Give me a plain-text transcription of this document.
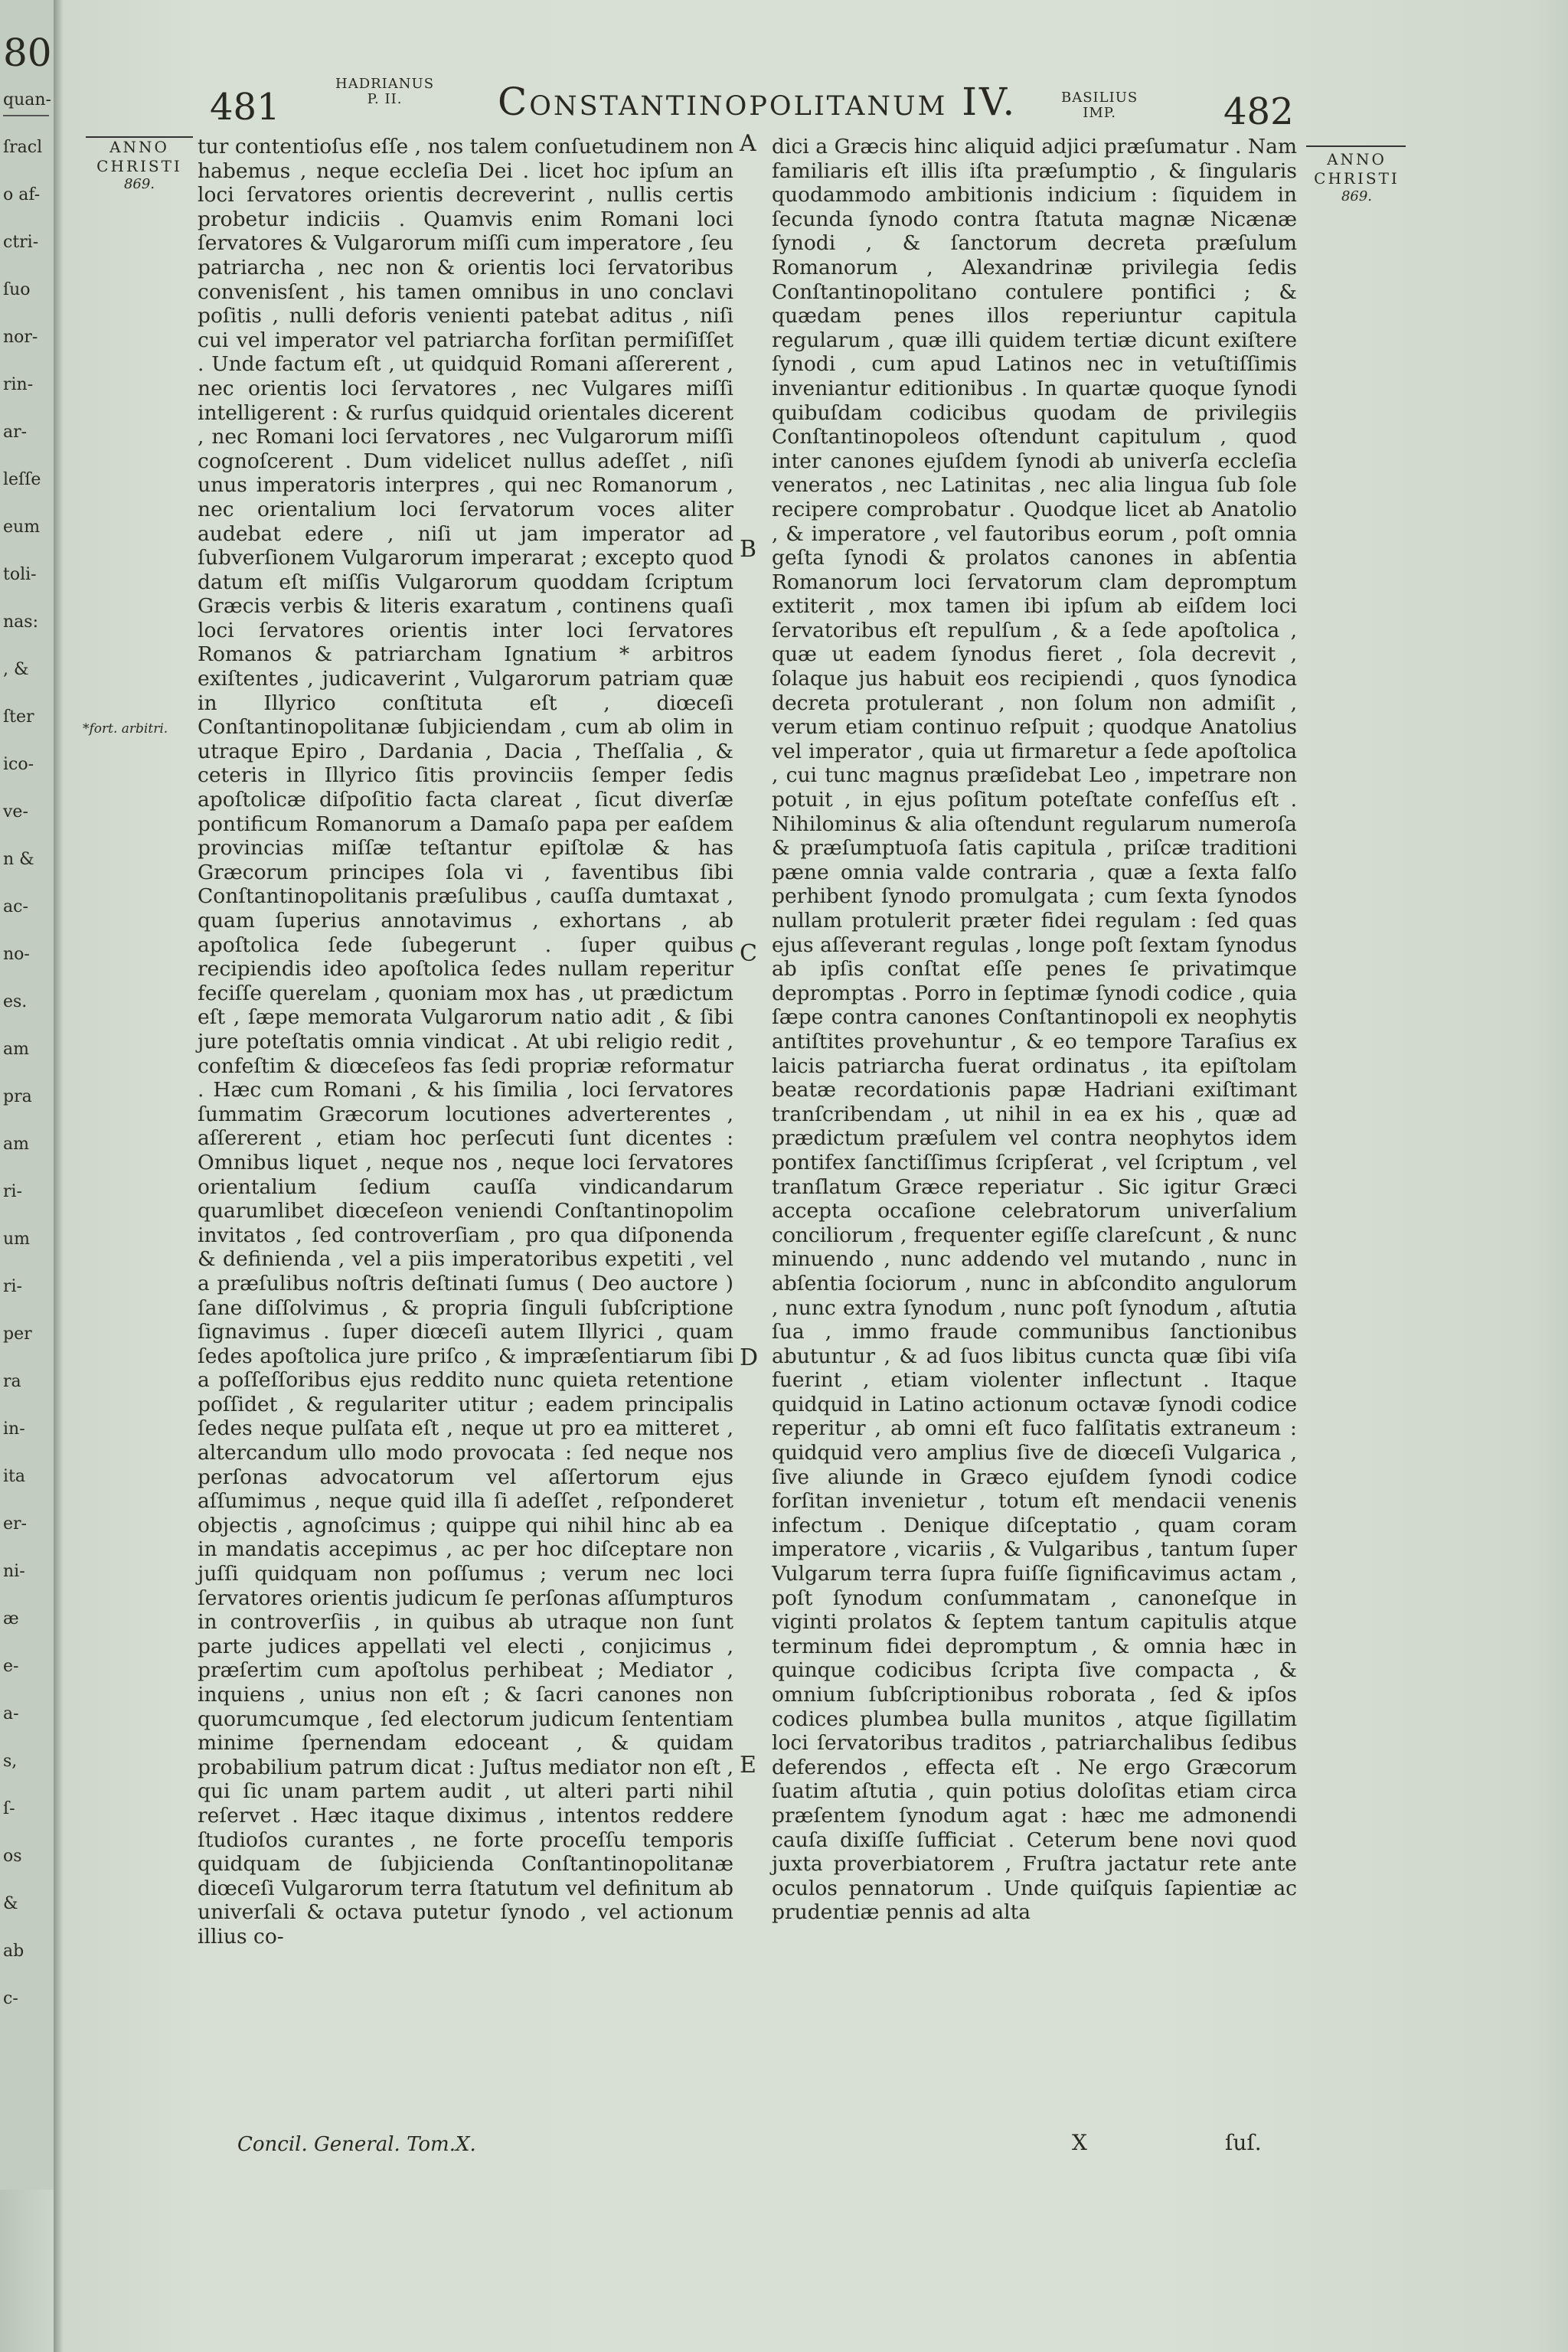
80
quan-
ſracl
o af-
ctri-
ſuo
nor-
rin-
ar-
leſſe
eum
toli-
nas:
, &
ſter
ico-
ve-
n &
ac-
no-
es.
am
pra
am
ri-
um
ri-
per
ra
in-
ita
er-
ni-
æ
e-
a-
s,
ſ-
os
&
ab
c-
481
HADRIANUS
P. II.	Constantinopolitanum IV.	BASILIUS
IMP.	482
ANNO
CHRISTI
869.
ANNO
CHRISTI
869.
*fort. arbitri.

tur contentioſus eſſe , nos talem conſuetudinem non habemus , neque eccleſia Dei . licet hoc ipſum an loci ſervatores orientis decreverint , nullis certis probetur indiciis . Quamvis enim Romani loci ſervatores & Vulgarorum miſſi cum imperatore , ſeu patriarcha , nec non & orientis loci ſervatoribus convenisſent , his tamen omnibus in uno conclavi poſitis , nulli deforis venienti patebat aditus , niſi cui vel imperator vel patriarcha forſitan permiſiſſet . Unde factum eſt , ut quidquid Romani aſſererent , nec orientis loci ſervatores , nec Vulgares miſſi intelligerent : & rurſus quidquid orientales dicerent , nec Romani loci ſervatores , nec Vulgarorum miſſi cognoſcerent . Dum videlicet nullus adeſſet , niſi unus imperatoris interpres , qui nec Romanorum , nec orientalium loci ſervatorum voces aliter audebat edere , niſi ut jam imperator ad ſubverſionem Vulgarorum imperarat ; excepto quod datum eſt miſſis Vulgarorum quoddam ſcriptum Græcis verbis & literis exaratum , continens quaſi loci ſervatores orientis inter loci ſervatores Romanos & patriarcham Ignatium * arbitros exiſtentes , judicaverint , Vulgarorum patriam quæ in Illyrico conſtituta eſt , diœceſi Conſtantinopolitanæ ſubjiciendam , cum ab olim in utraque Epiro , Dardania , Dacia , Theſſalia , & ceteris in Illyrico ſitis provinciis ſemper ſedis apoſtolicæ diſpoſitio facta clareat , ſicut diverſæ pontificum Romanorum a Damaſo papa per eaſdem provincias miſſæ teſtantur epiſtolæ & has Græcorum principes ſola vi , faventibus ſibi Conſtantinopolitanis præſulibus , cauſſa dumtaxat , quam ſuperius annotavimus , exhortans , ab apoſtolica ſede ſubegerunt . ſuper quibus recipiendis ideo apoſtolica ſedes nullam reperitur feciſſe querelam , quoniam mox has , ut prædictum eſt , ſæpe memorata Vulgarorum natio adit , & ſibi jure poteſtatis omnia vindicat . At ubi religio redit , confeſtim & diœceſeos fas ſedi propriæ reformatur . Hæc cum Romani , & his ſimilia , loci ſervatores ſummatim Græcorum locutiones adverterentes , aſſererent , etiam hoc perſecuti ſunt dicentes : Omnibus liquet , neque nos , neque loci ſervatores orientalium ſedium cauſſa vindicandarum quarumlibet diœceſeon veniendi Conſtantinopolim invitatos , ſed controverſiam , pro qua diſponenda & definienda , vel a piis imperatoribus expetiti , vel a præſulibus noſtris deſtinati ſumus ( Deo auctore ) ſane diſſolvimus , & propria ſinguli ſubſcriptione ſignavimus . ſuper diœceſi autem Illyrici , quam ſedes apoſtolica jure priſco , & impræſentiarum ſibi a poſſeſſoribus ejus reddito nunc quieta retentione poſſidet , & regulariter utitur ; eadem principalis ſedes neque pulſata eſt , neque ut pro ea mitteret , altercandum ullo modo provocata : ſed neque nos perſonas advocatorum vel aſſertorum ejus aſſumimus , neque quid illa ſi adeſſet , reſponderet objectis , agnoſcimus ; quippe qui nihil hinc ab ea in mandatis accepimus , ac per hoc diſceptare non juſſi quidquam non poſſumus ; verum nec loci ſervatores orientis judicum ſe perſonas aſſumpturos in controverſiis , in quibus ab utraque non ſunt parte judices appellati vel electi , conjicimus , præſertim cum apoſtolus perhibeat ; Mediator , inquiens , unius non eſt ; & ſacri canones non quorumcumque , ſed electorum judicum ſententiam minime ſpernendam edoceant , & quidam probabilium patrum dicat : Juſtus mediator non eſt , qui ſic unam partem audit , ut alteri parti nihil reſervet . Hæc itaque diximus , intentos reddere ſtudioſos curantes , ne forte proceſſu temporis quidquam de ſubjicienda Conſtantinopolitanæ diœceſi Vulgarorum terra ſtatutum vel definitum ab univerſali & octava putetur ſynodo , vel actionum illius co-

A
B
C
D
E

dici a Græcis hinc aliquid adjici præſumatur . Nam familiaris eſt illis iſta præſumptio , & ſingularis quodammodo ambitionis indicium : ſiquidem in ſecunda ſynodo contra ſtatuta magnæ Nicænæ ſynodi , & ſanctorum decreta præſulum Romanorum , Alexandrinæ privilegia ſedis Conſtantinopolitano contulere pontifici ; & quædam penes illos reperiuntur capitula regularum , quæ illi quidem tertiæ dicunt exiſtere ſynodi , cum apud Latinos nec in vetuſtiſſimis inveniantur editionibus . In quartæ quoque ſynodi quibuſdam codicibus quodam de privilegiis Conſtantinopoleos oſtendunt capitulum , quod inter canones ejuſdem ſynodi ab univerſa eccleſia veneratos , nec Latinitas , nec alia lingua ſub ſole recipere comprobatur . Quodque licet ab Anatolio , & imperatore , vel fautoribus eorum , poſt omnia geſta ſynodi & prolatos canones in abſentia Romanorum loci ſervatorum clam depromptum extiterit , mox tamen ibi ipſum ab eiſdem loci ſervatoribus eſt repulſum , & a ſede apoſtolica , quæ ut eadem ſynodus fieret , ſola decrevit , ſolaque jus habuit eos recipiendi , quos ſynodica decreta protulerant , non ſolum non admiſit , verum etiam continuo reſpuit ; quodque Anatolius vel imperator , quia ut firmaretur a ſede apoſtolica , cui tunc magnus præſidebat Leo , impetrare non potuit , in ejus poſitum poteſtate confeſſus eſt . Nihilominus & alia oſtendunt regularum numeroſa & præſumptuoſa ſatis capitula , priſcæ traditioni pæne omnia valde contraria , quæ a ſexta falſo perhibent ſynodo promulgata ; cum ſexta ſynodos nullam protulerit præter fidei regulam : ſed quas ejus aſſeverant regulas , longe poſt ſextam ſynodus ab ipſis conſtat eſſe penes ſe privatimque depromptas . Porro in ſeptimæ ſynodi codice , quia ſæpe contra canones Conſtantinopoli ex neophytis antiſtites provehuntur , & eo tempore Taraſius ex laicis patriarcha fuerat ordinatus , ita epiſtolam beatæ recordationis papæ Hadriani exiſtimant tranſcribendam , ut nihil in ea ex his , quæ ad prædictum præſulem vel contra neophytos idem pontifex ſanctiſſimus ſcripſerat , vel ſcriptum , vel tranſlatum Græce reperiatur . Sic igitur Græci accepta occaſione celebratorum univerſalium conciliorum , frequenter egiſſe clareſcunt , & nunc minuendo , nunc addendo vel mutando , nunc in abſentia ſociorum , nunc in abſcondito angulorum , nunc extra ſynodum , nunc poſt ſynodum , aſtutia ſua , immo fraude communibus ſanctionibus abutuntur , & ad ſuos libitus cuncta quæ ſibi viſa fuerint , etiam violenter inflectunt . Itaque quidquid in Latino actionum octavæ ſynodi codice reperitur , ab omni eſt fuco falſitatis extraneum : quidquid vero amplius ſive de diœceſi Vulgarica , ſive aliunde in Græco ejuſdem ſynodi codice forſitan invenietur , totum eſt mendacii venenis infectum . Denique diſceptatio , quam coram imperatore , vicariis , & Vulgaribus , tantum ſuper Vulgarum terra ſupra fuiſſe ſignificavimus actam , poſt ſynodum conſummatam , canoneſque in viginti prolatos & ſeptem tantum capitulis atque terminum fidei depromptum , & omnia hæc in quinque codicibus ſcripta ſive compacta , & omnium ſubſcriptionibus roborata , ſed & ipſos codices plumbea bulla munitos , atque ſigillatim loci ſervatoribus traditos , patriarchalibus ſedibus deferendos , effecta eſt . Ne ergo Græcorum ſuatim aſtutia , quin potius doloſitas etiam circa præſentem ſynodum agat : hæc me admonendi cauſa dixiſſe ſufficiat . Ceterum bene novi quod juxta proverbiatorem , Fruſtra jactatur rete ante oculos pennatorum . Unde quiſquis ſapientiæ ac prudentiæ pennis ad alta

Concil. General. Tom.X.	X	ſuſ.
